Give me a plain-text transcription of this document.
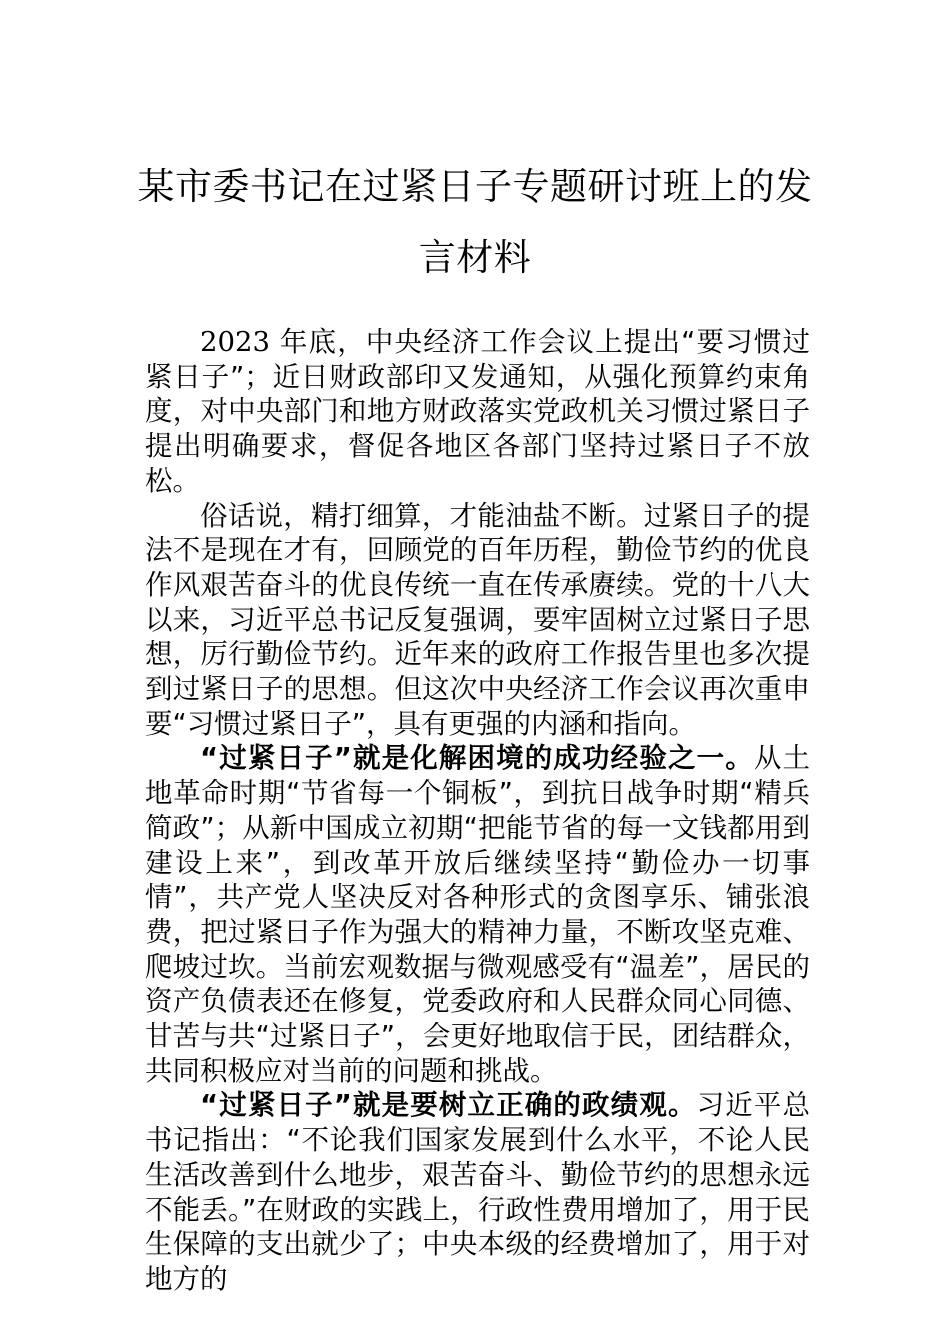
某市委书记在过紧日子专题研讨班上的发
言材料

2023 年底，中央经济工作会议上提出“要习惯过紧日子”；近日财政部印又发通知，从强化预算约束角度，对中央部门和地方财政落实党政机关习惯过紧日子提出明确要求，督促各地区各部门坚持过紧日子不放松。

俗话说，精打细算，才能油盐不断。过紧日子的提法不是现在才有，回顾党的百年历程，勤俭节约的优良作风艰苦奋斗的优良传统一直在传承赓续。党的十八大以来，习近平总书记反复强调，要牢固树立过紧日子思想，厉行勤俭节约。近年来的政府工作报告里也多次提到过紧日子的思想。但这次中央经济工作会议再次重申要“习惯过紧日子”，具有更强的内涵和指向。

“过紧日子”就是化解困境的成功经验之一。从土地革命时期“节省每一个铜板”，到抗日战争时期“精兵简政”；从新中国成立初期“把能节省的每一文钱都用到建设上来”，到改革开放后继续坚持“勤俭办一切事情”，共产党人坚决反对各种形式的贪图享乐、铺张浪费，把过紧日子作为强大的精神力量，不断攻坚克难、爬坡过坎。当前宏观数据与微观感受有“温差”，居民的资产负债表还在修复，党委政府和人民群众同心同德、甘苦与共“过紧日子”，会更好地取信于民，团结群众，共同积极应对当前的问题和挑战。

“过紧日子”就是要树立正确的政绩观。习近平总书记指出：“不论我们国家发展到什么水平，不论人民生活改善到什么地步，艰苦奋斗、勤俭节约的思想永远不能丢。”在财政的实践上，行政性费用增加了，用于民生保障的支出就少了；中央本级的经费增加了，用于对地方的
